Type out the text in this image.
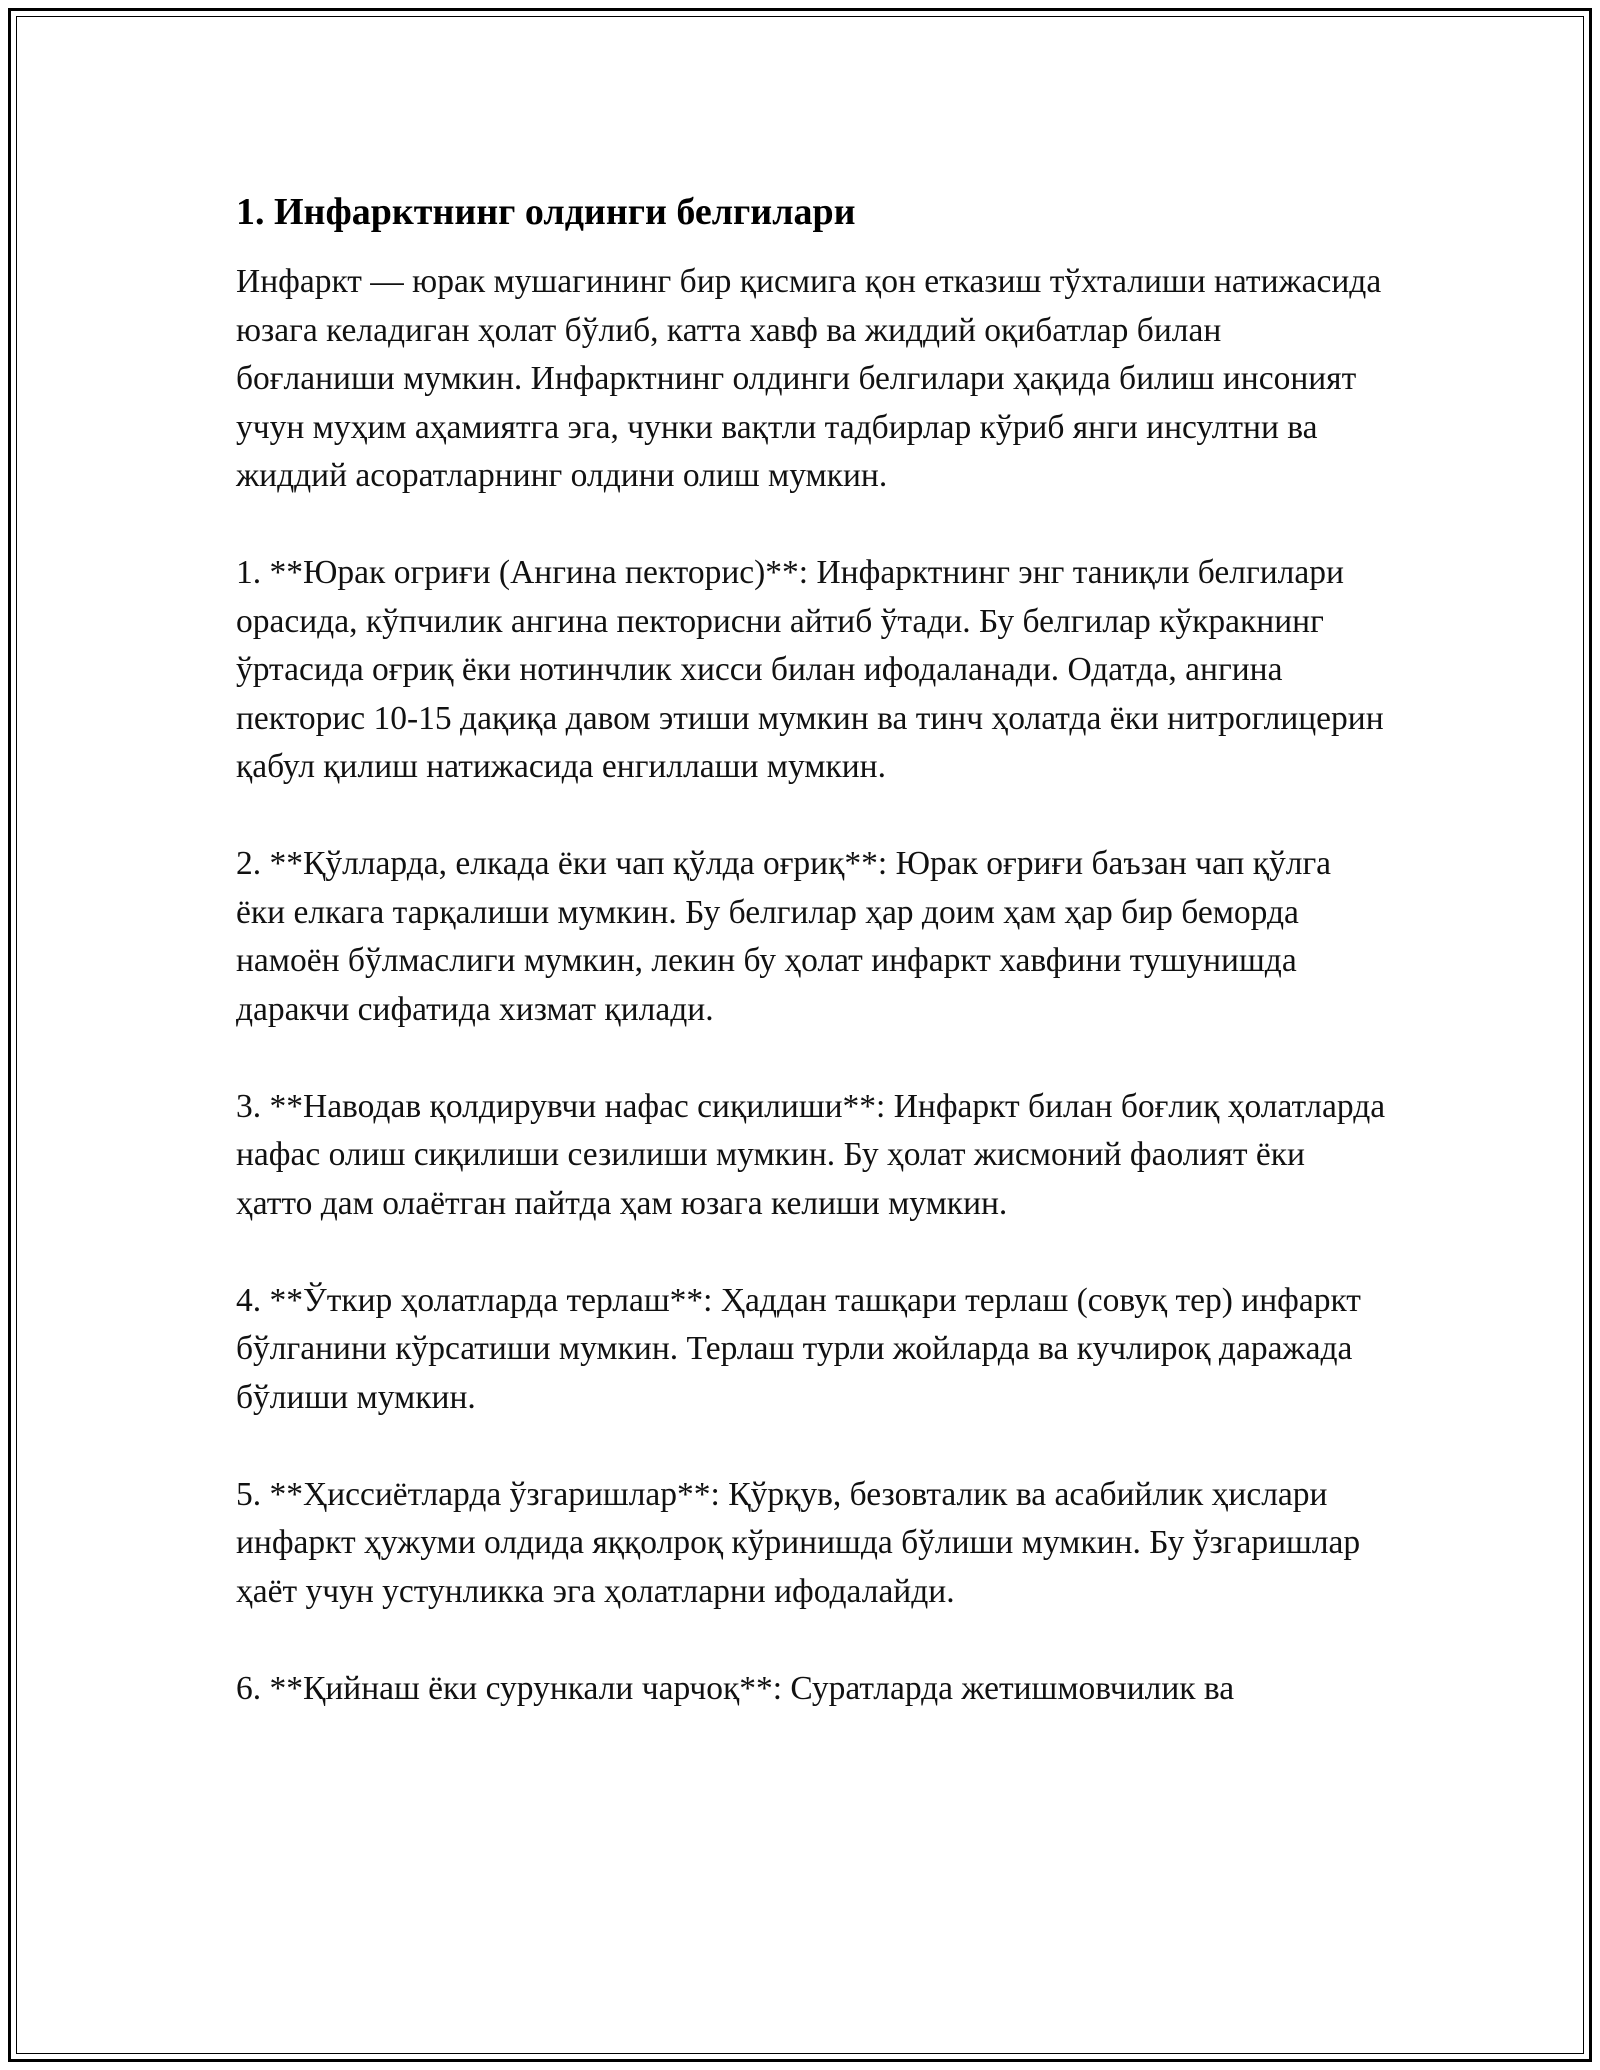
1. Инфарктнинг олдинги белгилари

Инфаркт — юрак мушагининг бир қисмига қон етказиш тўхталиши натижасида юзага келадиган ҳолат бўлиб, катта хавф ва жиддий оқибатлар билан боғланиши мумкин. Инфарктнинг олдинги белгилари ҳақида билиш инсоният учун муҳим аҳамиятга эга, чунки вақтли тадбирлар кўриб янги инсултни ва жиддий асоратларнинг олдини олиш мумкин.

1. **Юрак огриғи (Ангина пекторис)**: Инфарктнинг энг таниқли белгилари орасида, кўпчилик ангина пекторисни айтиб ўтади. Бу белгилар кўкракнинг ўртасида оғриқ ёки нотинчлик хисси билан ифодаланади. Одатда, ангина пекторис 10-15 дақиқа давом этиши мумкин ва тинч ҳолатда ёки нитроглицерин қабул қилиш натижасида енгиллаши мумкин.

2. **Қўлларда, елкада ёки чап қўлда оғриқ**: Юрак оғриғи баъзан чап қўлга ёки елкага тарқалиши мумкин. Бу белгилар ҳар доим ҳам ҳар бир беморда намоён бўлмаслиги мумкин, лекин бу ҳолат инфаркт хавфини тушунишда даракчи сифатида хизмат қилади.

3. **Наводав қолдирувчи нафас сиқилиши**: Инфаркт билан боғлиқ ҳолатларда нафас олиш сиқилиши сезилиши мумкин. Бу ҳолат жисмоний фаолият ёки ҳатто дам олаётган пайтда ҳам юзага келиши мумкин.

4. **Ўткир ҳолатларда терлаш**: Ҳаддан ташқари терлаш (совуқ тер) инфаркт бўлганини кўрсатиши мумкин. Терлаш турли жойларда ва кучлироқ даражада бўлиши мумкин.

5. **Ҳиссиётларда ўзгаришлар**: Қўрқув, безовталик ва асабийлик ҳислари инфаркт ҳужуми олдида яққолроқ кўринишда бўлиши мумкин. Бу ўзгаришлар ҳаёт учун устунликка эга ҳолатларни ифодалайди.

6. **Қийнаш ёки сурункали чарчоқ**: Суратларда жетишмовчилик ва
